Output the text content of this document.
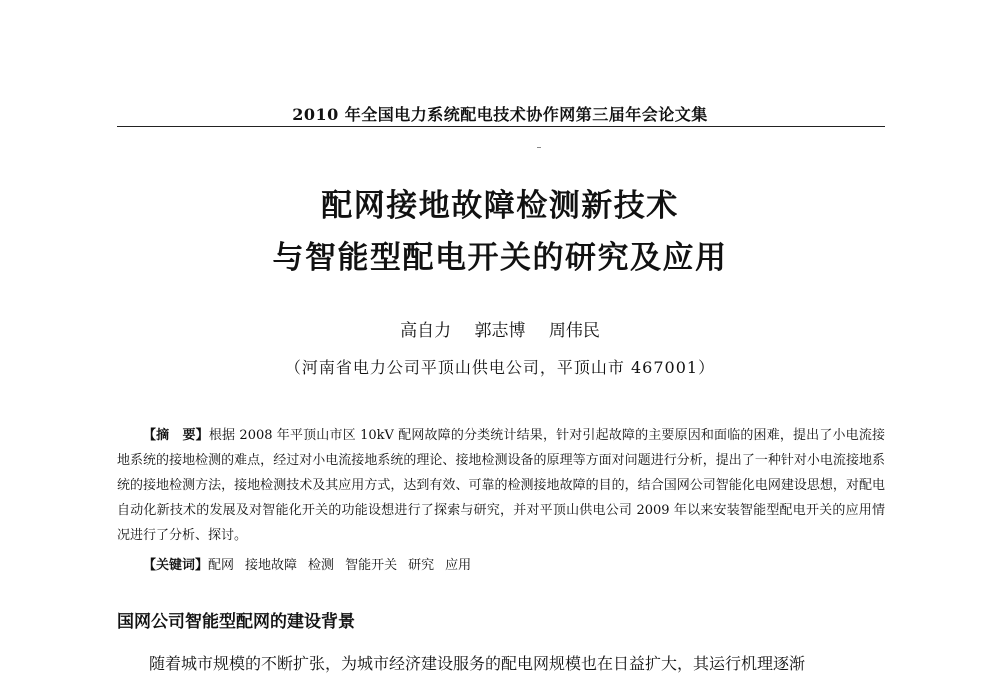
2010 年全国电力系统配电技术协作网第三届年会论文集
配网接地故障检测新技术
与智能型配电开关的研究及应用
高自力 郭志博 周伟民
（河南省电力公司平顶山供电公司，平顶山市 467001）
【摘　要】根据 2008 年平顶山市区 10kV 配网故障的分类统计结果，针对引起故障的主要原因和面临的困难，提出了小电流接地系统的接地检测的难点，经过对小电流接地系统的理论、接地检测设备的原理等方面对问题进行分析，提出了一种针对小电流接地系统的接地检测方法，接地检测技术及其应用方式，达到有效、可靠的检测接地故障的目的，结合国网公司智能化电网建设思想，对配电自动化新技术的发展及对智能化开关的功能设想进行了探索与研究，并对平顶山供电公司 2009 年以来安装智能型配电开关的应用情况进行了分析、探讨。
【关键词】配网 接地故障 检测 智能开关 研究 应用
国网公司智能型配网的建设背景
随着城市规模的不断扩张，为城市经济建设服务的配电网规模也在日益扩大，其运行机理逐渐
